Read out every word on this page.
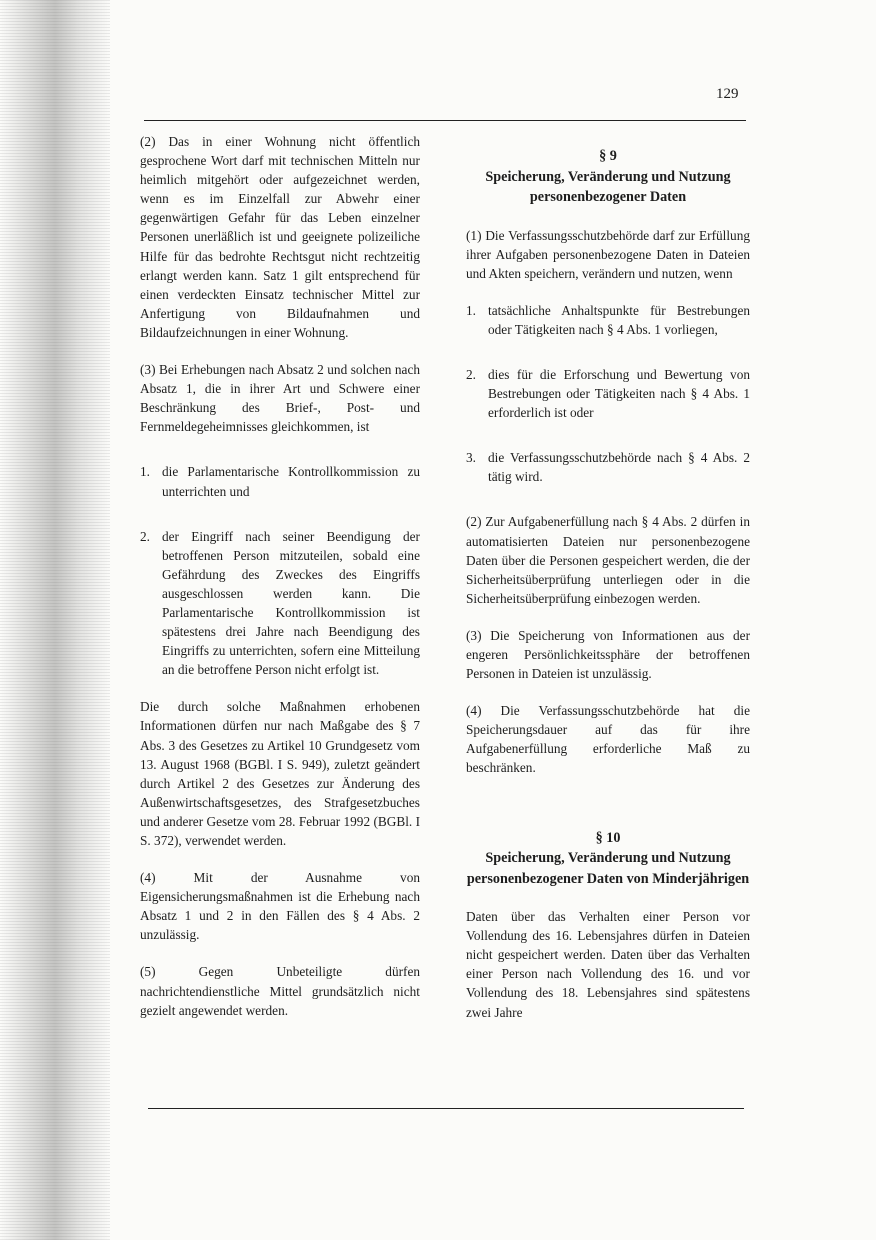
129

(2) Das in einer Wohnung nicht öffentlich gesprochene Wort darf mit technischen Mitteln nur heimlich mitgehört oder aufgezeichnet werden, wenn es im Einzelfall zur Abwehr einer gegenwärtigen Gefahr für das Leben einzelner Personen unerläßlich ist und geeignete polizeiliche Hilfe für das bedrohte Rechtsgut nicht rechtzeitig erlangt werden kann. Satz 1 gilt entsprechend für einen verdeckten Einsatz technischer Mittel zur Anfertigung von Bildaufnahmen und Bildaufzeichnungen in einer Wohnung.

(3) Bei Erhebungen nach Absatz 2 und solchen nach Absatz 1, die in ihrer Art und Schwere einer Beschränkung des Brief-, Post- und Fernmeldegeheimnisses gleichkommen, ist

1. die Parlamentarische Kontrollkommission zu unterrichten und
2. der Eingriff nach seiner Beendigung der betroffenen Person mitzuteilen, sobald eine Gefährdung des Zweckes des Eingriffs ausgeschlossen werden kann. Die Parlamentarische Kontrollkommission ist spätestens drei Jahre nach Beendigung des Eingriffs zu unterrichten, sofern eine Mitteilung an die betroffene Person nicht erfolgt ist.

Die durch solche Maßnahmen erhobenen Informationen dürfen nur nach Maßgabe des § 7 Abs. 3 des Gesetzes zu Artikel 10 Grundgesetz vom 13. August 1968 (BGBl. I S. 949), zuletzt geändert durch Artikel 2 des Gesetzes zur Änderung des Außenwirtschaftsgesetzes, des Strafgesetzbuches und anderer Gesetze vom 28. Februar 1992 (BGBl. I S. 372), verwendet werden.

(4) Mit der Ausnahme von Eigensicherungsmaßnahmen ist die Erhebung nach Absatz 1 und 2 in den Fällen des § 4 Abs. 2 unzulässig.

(5) Gegen Unbeteiligte dürfen nachrichtendienstliche Mittel grundsätzlich nicht gezielt angewendet werden.

§ 9
Speicherung, Veränderung und Nutzung personenbezogener Daten

(1) Die Verfassungsschutzbehörde darf zur Erfüllung ihrer Aufgaben personenbezogene Daten in Dateien und Akten speichern, verändern und nutzen, wenn

1. tatsächliche Anhaltspunkte für Bestrebungen oder Tätigkeiten nach § 4 Abs. 1 vorliegen,
2. dies für die Erforschung und Bewertung von Bestrebungen oder Tätigkeiten nach § 4 Abs. 1 erforderlich ist oder
3. die Verfassungsschutzbehörde nach § 4 Abs. 2 tätig wird.

(2) Zur Aufgabenerfüllung nach § 4 Abs. 2 dürfen in automatisierten Dateien nur personenbezogene Daten über die Personen gespeichert werden, die der Sicherheitsüberprüfung unterliegen oder in die Sicherheitsüberprüfung einbezogen werden.

(3) Die Speicherung von Informationen aus der engeren Persönlichkeitssphäre der betroffenen Personen in Dateien ist unzulässig.

(4) Die Verfassungsschutzbehörde hat die Speicherungsdauer auf das für ihre Aufgabenerfüllung erforderliche Maß zu beschränken.

§ 10
Speicherung, Veränderung und Nutzung personenbezogener Daten von Minderjährigen

Daten über das Verhalten einer Person vor Vollendung des 16. Lebensjahres dürfen in Dateien nicht gespeichert werden. Daten über das Verhalten einer Person nach Vollendung des 16. und vor Vollendung des 18. Lebensjahres sind spätestens zwei Jahre
